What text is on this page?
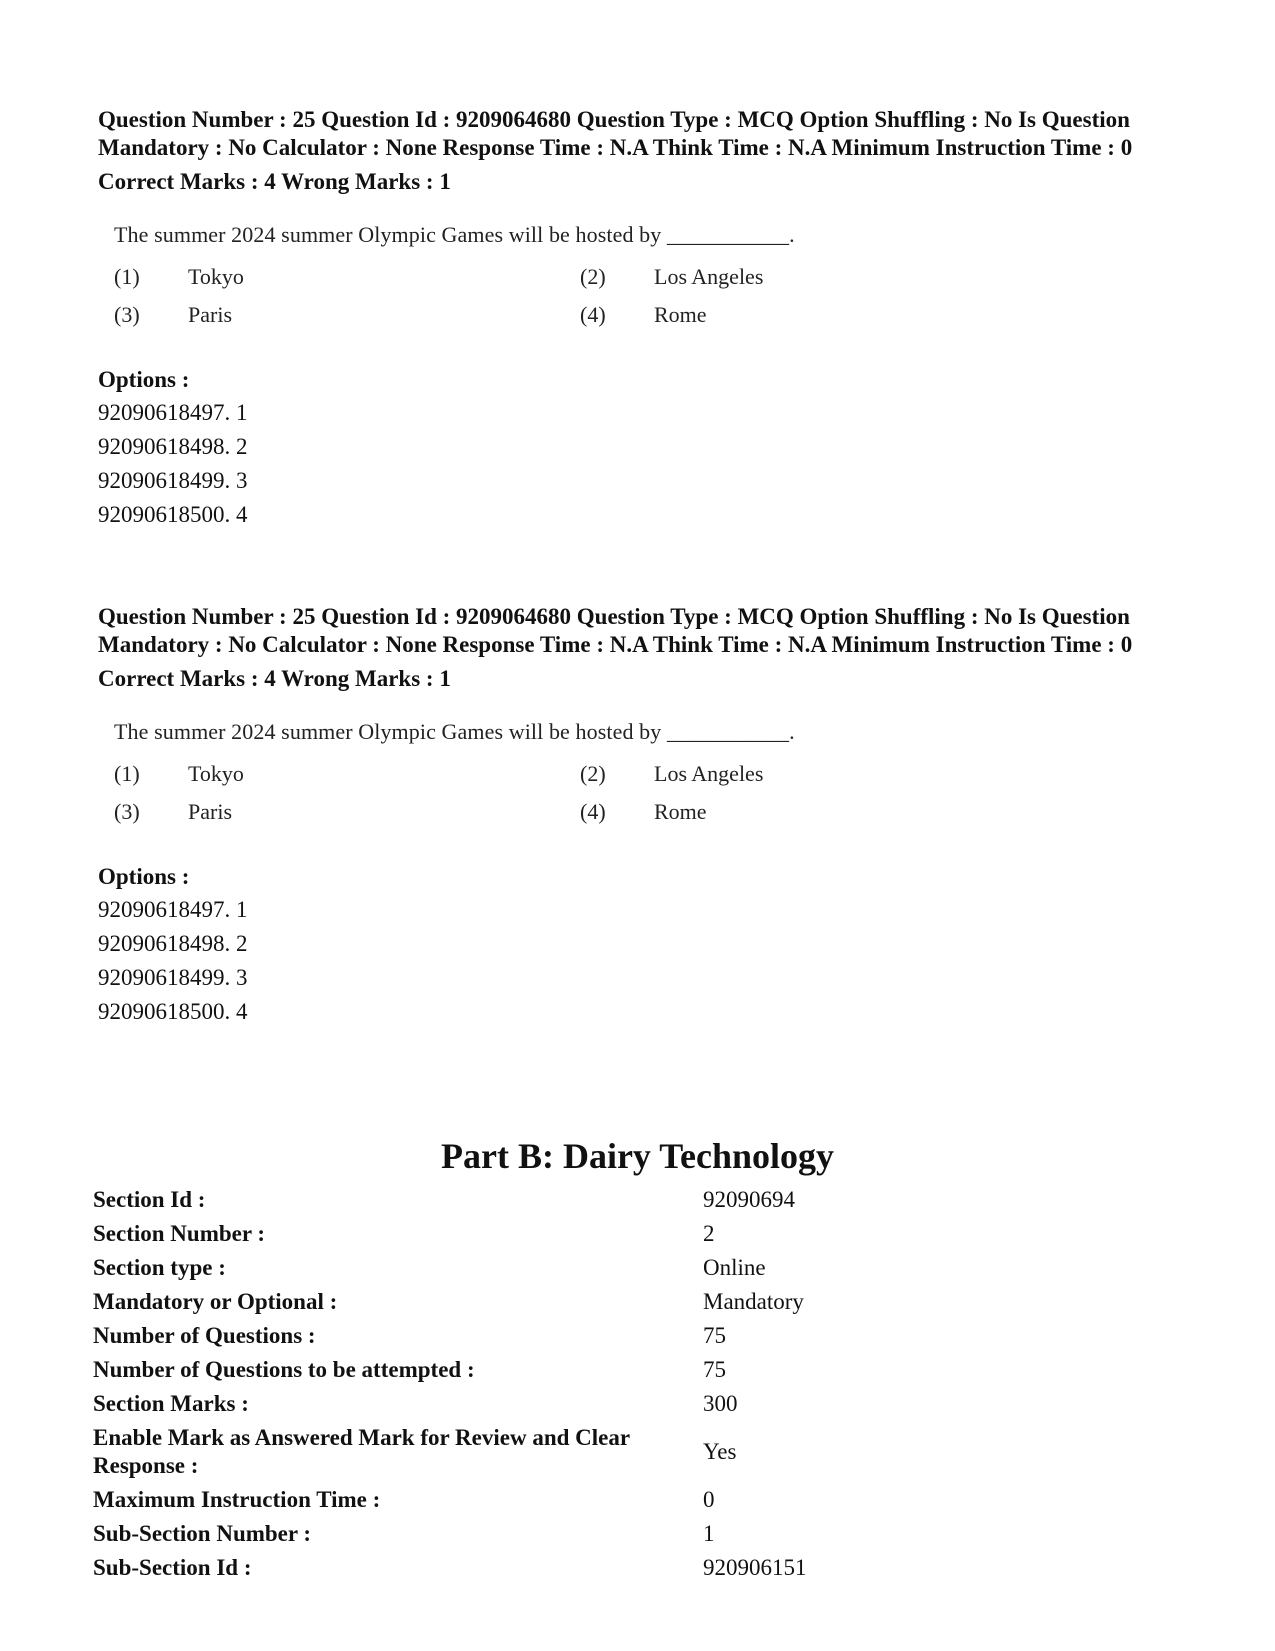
Question Number : 25 Question Id : 9209064680 Question Type : MCQ Option Shuffling : No Is Question Mandatory : No Calculator : None Response Time : N.A Think Time : N.A Minimum Instruction Time : 0

Correct Marks : 4 Wrong Marks : 1
The summer 2024 summer Olympic Games will be hosted by ___________.
(1)	Tokyo	(2)	Los Angeles
(3)	Paris	(4)	Rome
Options :
92090618497. 1
92090618498. 2
92090618499. 3
92090618500. 4

Question Number : 25 Question Id : 9209064680 Question Type : MCQ Option Shuffling : No Is Question Mandatory : No Calculator : None Response Time : N.A Think Time : N.A Minimum Instruction Time : 0

Correct Marks : 4 Wrong Marks : 1
The summer 2024 summer Olympic Games will be hosted by ___________.
(1)	Tokyo	(2)	Los Angeles
(3)	Paris	(4)	Rome
Options :
92090618497. 1
92090618498. 2
92090618499. 3
92090618500. 4
Part B: Dairy Technology
Section Id :	92090694
Section Number :	2
Section type :	Online
Mandatory or Optional :	Mandatory
Number of Questions :	75
Number of Questions to be attempted :	75
Section Marks :	300
Enable Mark as Answered Mark for Review and Clear Response :	Yes
Maximum Instruction Time :	0
Sub-Section Number :	1
Sub-Section Id :	920906151
